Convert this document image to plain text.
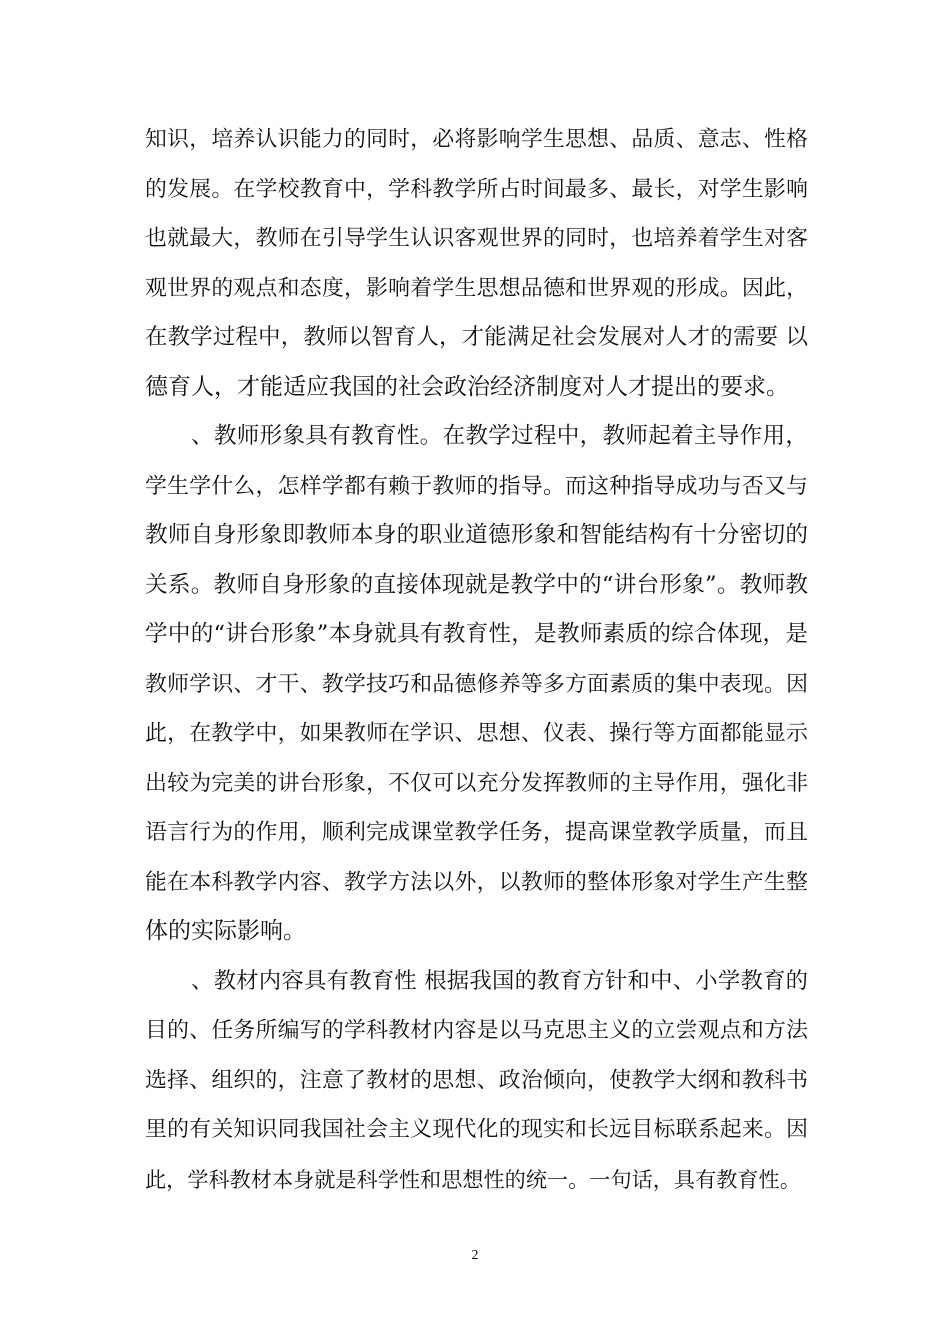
知识，培养认识能力的同时，必将影响学生思想、品质、意志、性格
的发展。在学校教育中，学科教学所占时间最多、最长，对学生影响
也就最大，教师在引导学生认识客观世界的同时，也培养着学生对客
观世界的观点和态度，影响着学生思想品德和世界观的形成。因此，
在教学过程中，教师以智育人，才能满足社会发展对人才的需要 以
德育人，才能适应我国的社会政治经济制度对人才提出的要求。
、教师形象具有教育性。在教学过程中，教师起着主导作用，
学生学什么，怎样学都有赖于教师的指导。而这种指导成功与否又与
教师自身形象即教师本身的职业道德形象和智能结构有十分密切的
关系。教师自身形象的直接体现就是教学中的“讲台形象”。教师教
学中的“讲台形象”本身就具有教育性，是教师素质的综合体现，是
教师学识、才干、教学技巧和品德修养等多方面素质的集中表现。因
此，在教学中，如果教师在学识、思想、仪表、操行等方面都能显示
出较为完美的讲台形象，不仅可以充分发挥教师的主导作用，强化非
语言行为的作用，顺利完成课堂教学任务，提高课堂教学质量，而且
能在本科教学内容、教学方法以外，以教师的整体形象对学生产生整
体的实际影响。
、教材内容具有教育性 根据我国的教育方针和中、小学教育的
目的、任务所编写的学科教材内容是以马克思主义的立尝观点和方法
选择、组织的，注意了教材的思想、政治倾向，使教学大纲和教科书
里的有关知识同我国社会主义现代化的现实和长远目标联系起来。因
此，学科教材本身就是科学性和思想性的统一。一句话，具有教育性。
2
